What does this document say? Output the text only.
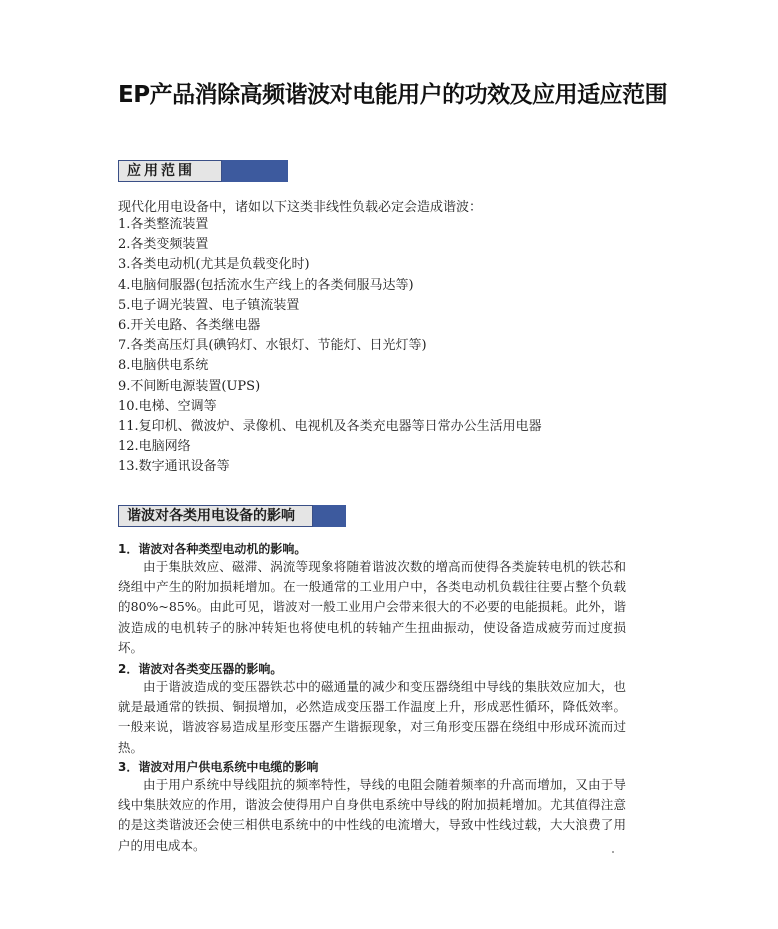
EP产品消除高频谐波对电能用户的功效及应用适应范围
应用范围
现代化用电设备中，诸如以下这类非线性负载必定会造成谐波：
1.各类整流装置
2.各类变频装置
3.各类电动机(尤其是负载变化时)
4.电脑伺服器(包括流水生产线上的各类伺服马达等)
5.电子调光装置、电子镇流装置
6.开关电路、各类继电器
7.各类高压灯具(碘钨灯、水银灯、节能灯、日光灯等)
8.电脑供电系统
9.不间断电源装置(UPS)
10.电梯、空调等
11.复印机、微波炉、录像机、电视机及各类充电器等日常办公生活用电器
12.电脑网络
13.数字通讯设备等
谐波对各类用电设备的影响
1．谐波对各种类型电动机的影响。

由于集肤效应、磁滞、涡流等现象将随着谐波次数的增高而使得各类旋转电机的铁芯和绕组中产生的附加损耗增加。在一般通常的工业用户中，各类电动机负载往往要占整个负载的80%~85%。由此可见，谐波对一般工业用户会带来很大的不必要的电能损耗。此外，谐波造成的电机转子的脉冲转矩也将使电机的转轴产生扭曲振动，使设备造成疲劳而过度损坏。

2．谐波对各类变压器的影响。

由于谐波造成的变压器铁芯中的磁通量的减少和变压器绕组中导线的集肤效应加大，也就是最通常的铁损、铜损增加，必然造成变压器工作温度上升，形成恶性循环，降低效率。一般来说，谐波容易造成星形变压器产生谐振现象，对三角形变压器在绕组中形成环流而过热。

3．谐波对用户供电系统中电缆的影响

由于用户系统中导线阻抗的频率特性，导线的电阻会随着频率的升高而增加，又由于导线中集肤效应的作用，谐波会使得用户自身供电系统中导线的附加损耗增加。尤其值得注意的是这类谐波还会使三相供电系统中的中性线的电流增大，导致中性线过载，大大浪费了用户的用电成本。
